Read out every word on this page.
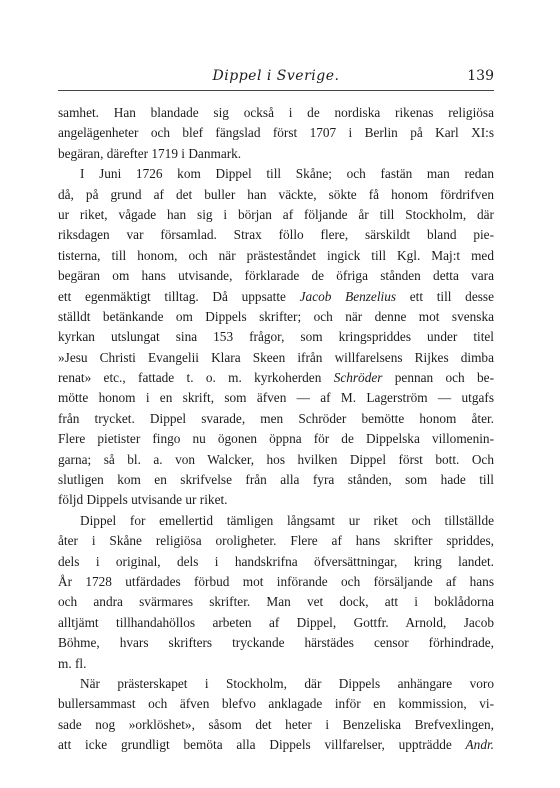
Dippel i Sverige.	139
samhet. Han blandade sig också i de nordiska rikenas religiösa
angelägenheter och blef fängslad först 1707 i Berlin på Karl XI:s
begäran, därefter 1719 i Danmark.
I Juni 1726 kom Dippel till Skåne; och fastän man redan
då, på grund af det buller han väckte, sökte få honom fördrifven
ur riket, vågade han sig i början af följande år till Stockholm, där
riksdagen var församlad. Strax föllo flere, särskildt bland pie-
tisterna, till honom, och när prästeståndet ingick till Kgl. Maj:t med
begäran om hans utvisande, förklarade de öfriga stånden detta vara
ett egenmäktigt tilltag. Då uppsatte Jacob Benzelius ett till desse
ställdt betänkande om Dippels skrifter; och när denne mot svenska
kyrkan utslungat sina 153 frågor, som kringspriddes under titel
»Jesu Christi Evangelii Klara Skeen ifrån willfarelsens Rijkes dimba
renat» etc., fattade t. o. m. kyrkoherden Schröder pennan och be-
mötte honom i en skrift, som äfven — af M. Lagerström — utgafs
från trycket. Dippel svarade, men Schröder bemötte honom åter.
Flere pietister fingo nu ögonen öppna för de Dippelska villomenin-
garna; så bl. a. von Walcker, hos hvilken Dippel först bott. Och
slutligen kom en skrifvelse från alla fyra stånden, som hade till
följd Dippels utvisande ur riket.
Dippel for emellertid tämligen långsamt ur riket och tillställde
åter i Skåne religiösa oroligheter. Flere af hans skrifter spriddes,
dels i original, dels i handskrifna öfversättningar, kring landet.
År 1728 utfärdades förbud mot införande och försäljande af hans
och andra svärmares skrifter. Man vet dock, att i boklådorna
alltjämt tillhandahöllos arbeten af Dippel, Gottfr. Arnold, Jacob
Böhme, hvars skrifters tryckande härstädes censor förhindrade,
m. fl.
När prästerskapet i Stockholm, där Dippels anhängare voro
bullersammast och äfven blefvo anklagade inför en kommission, vi-
sade nog »orklöshet», såsom det heter i Benzeliska Brefvexlingen,
att icke grundligt bemöta alla Dippels villfarelser, uppträdde Andr.
